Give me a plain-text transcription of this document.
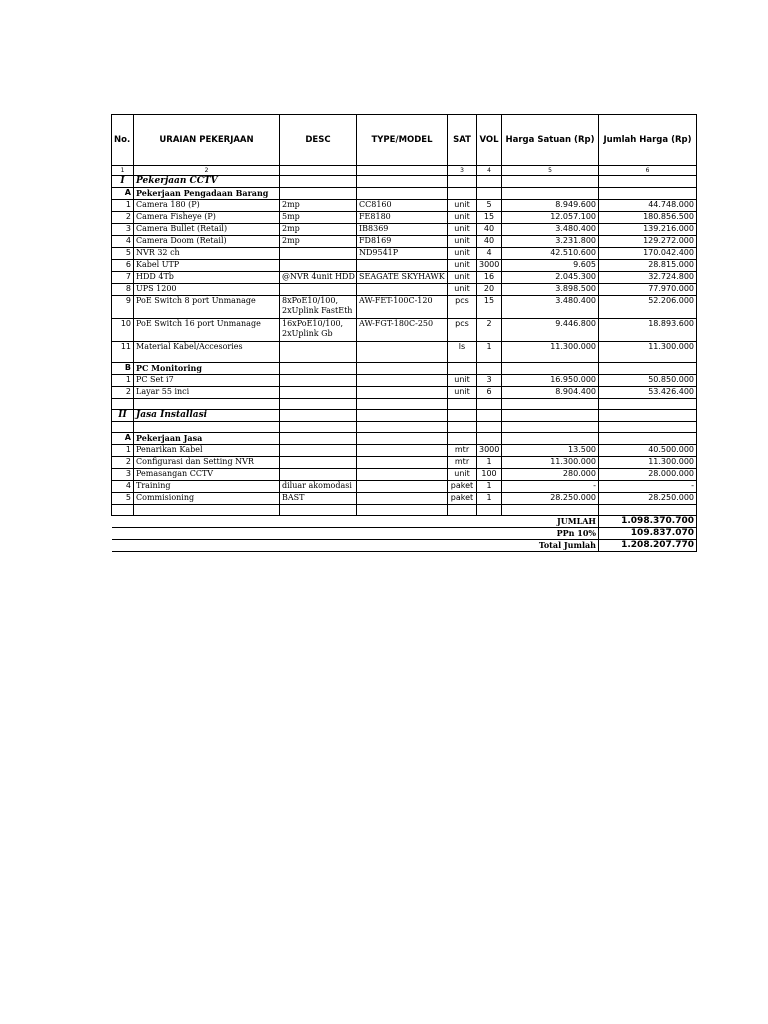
No.	URAIAN PEKERJAAN	DESC	TYPE/MODEL	SAT	VOL	Harga Satuan (Rp)	Jumlah Harga (Rp)
1	2			3	4	5	6
I	Pekerjaan CCTV						
A	Pekerjaan Pengadaan Barang						
1	Camera 180 (P)	2mp	CC8160	unit	5	8.949.600	44.748.000
2	Camera Fisheye (P)	5mp	FE8180	unit	15	12.057.100	180.856.500
3	Camera Bullet (Retail)	2mp	IB8369	unit	40	3.480.400	139.216.000
4	Camera Doom (Retail)	2mp	FD8169	unit	40	3.231.800	129.272.000
5	NVR 32 ch		ND9541P	unit	4	42.510.600	170.042.400
6	Kabel UTP			unit	3000	9.605	28.815.000
7	HDD 4Tb	@NVR 4unit HDD	SEAGATE SKYHAWK	unit	16	2.045.300	32.724.800
8	UPS 1200			unit	20	3.898.500	77.970.000
9	PoE Switch 8 port Unmanage	8xPoE10/100, 2xUplink FastEth	AW-FET-100C-120	pcs	15	3.480.400	52.206.000
10	PoE Switch 16 port Unmanage	16xPoE10/100, 2xUplink Gb	AW-FGT-180C-250	pcs	2	9.446.800	18.893.600
11	Material Kabel/Accesories			ls	1	11.300.000	11.300.000
B	PC Monitoring						
1	PC Set i7			unit	3	16.950.000	50.850.000
2	Layar 55 inci			unit	6	8.904.400	53.426.400

II	Jasa Installasi						

A	Pekerjaan Jasa						
1	Penarikan Kabel			mtr	3000	13.500	40.500.000
2	Configurasi dan Setting NVR			mtr	1	11.300.000	11.300.000
3	Pemasangan CCTV			unit	100	280.000	28.000.000
4	Training	diluar akomodasi		paket	1	-	-
5	Commisioning	BAST		paket	1	28.250.000	28.250.000

JUMLAH							1.098.370.700
PPn 10%							109.837.070
Total Jumlah							1.208.207.770
